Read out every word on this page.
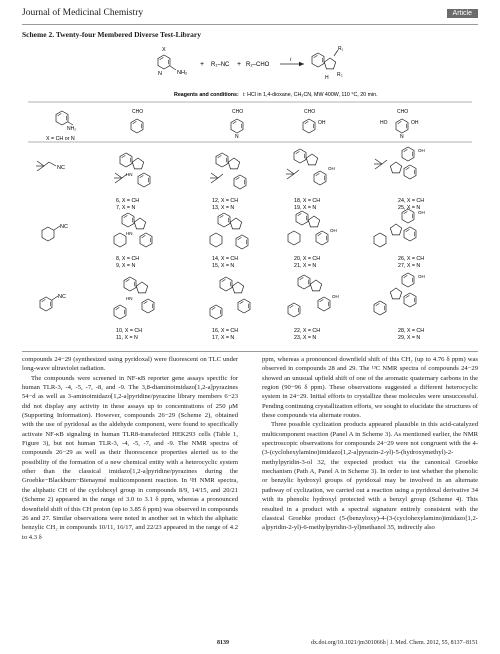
Journal of Medicinal Chemistry	Article
Scheme 2. Twenty-four Membered Diverse Test-Library
X
N	NH₂
+ R₁–NC + R₂–CHO
i
R₁
R₂
H
Reagents and conditions: i: HCl in 1,4-dioxane, CH₃CN, MW 400W, 110 °C, 20 min.
NH₂
X = CH or N
CHO	CHO
N
CHO
OH
CHO
HO	OH
N
NC
HN
6, X = CH
7, X = N
12, X = CH
13, X = N
OH
18, X = CH
19, X = N
OH
24, X = CH
25, X = N
NC
HN
8, X = CH
9, X = N
14, X = CH
15, X = N
OH
20, X = CH
21, X = N
OH
26, X = CH
27, X = N
NC	HN
10, X = CH
11, X = N
16, X = CH
17, X = N
OH
22, X = CH
23, X = N
OH
28, X = CH
29, X = N

compounds 24−29 (synthesized using pyridoxal) were fluorescent on TLC under long-wave ultraviolet radiation.

The compounds were screened in NF-κB reporter gene assays specific for human TLR-3, -4, -5, -7, -8, and -9. The 3,8-diaminoimidazo[1,2-a]pyrazines 54−d as well as 3-aminoimidazo[1,2-a]pyridine/pyrazine library members 6−23 did not display any activity in these assays up to concentrations of 250 μM (Supporting Information). However, compounds 26−29 (Scheme 2), obtained with the use of pyridoxal as the aldehyde component, were found to specifically activate NF-κB signaling in human TLR8-transfected HEK293 cells (Table 1, Figure 3), but not human TLR-3, -4, -5, -7, and -9. The NMR spectra of compounds 26−29 as well as their fluorescence properties alerted us to the possibility of the formation of a new chemical entity with a heterocyclic system other than the classical imidazo[1,2-a]pyridine/pyrazines during the Groebke−Blackburn−Bienaymé multicomponent reaction. In ¹H NMR spectra, the aliphatic CH of the cyclohexyl group in compounds 8/9, 14/15, and 20/21 (Scheme 2) appeared in the range of 3.0 to 3.1 δ ppm, whereas a pronounced downfield shift of this CH proton (up to 3.85 δ ppm) was observed in compounds 26 and 27. Similar observations were noted in another set in which the aliphatic benzylic CH₂ in compounds 10/11, 16/17, and 22/23 appeared in the range of 4.2 to 4.3 δ

ppm, whereas a pronounced downfield shift of this CH₂ (up to 4.76 δ ppm) was observed in compounds 28 and 29. The ¹³C NMR spectra of compounds 24−29 showed an unusual upfield shift of one of the aromatic quaternary carbons in the region (90−96 δ ppm). These observations suggested a different heterocyclic system in 24−29. Initial efforts to crystallize these molecules were unsuccessful. Pending continuing crystallization efforts, we sought to elucidate the structures of these compounds via alternate routes.

Three possible cyclization products appeared plausible in this acid-catalyzed multicomponent reaction (Panel A in Scheme 3). As mentioned earlier, the NMR spectroscopic observations for compounds 24−29 were not congruent with the 4-(3-(cyclohexylamino)imidazo[1,2-a]pyrazin-2-yl)-5-(hydroxymethyl)-2-methylpyridin-3-ol 32, the expected product via the canonical Groebke mechanism (Path A, Panel A in Scheme 3). In order to test whether the phenolic or benzylic hydroxyl groups of pyridoxal may be involved in an alternate pathway of cyclization, we carried out a reaction using a pyridoxal derivative 34 with its phenolic hydroxyl protected with a benzyl group (Scheme 4). This resulted in a product with a spectral signature entirely consistent with the classical Groebke product (5-(benzyloxy)-4-(3-(cyclohexylamino)imidazo[1,2-a]pyridin-2-yl)-6-methylpyridin-3-yl)methanol 35, indirectly also

8139	dx.doi.org/10.1021/jm301066h | J. Med. Chem. 2012, 55, 8137−8151
